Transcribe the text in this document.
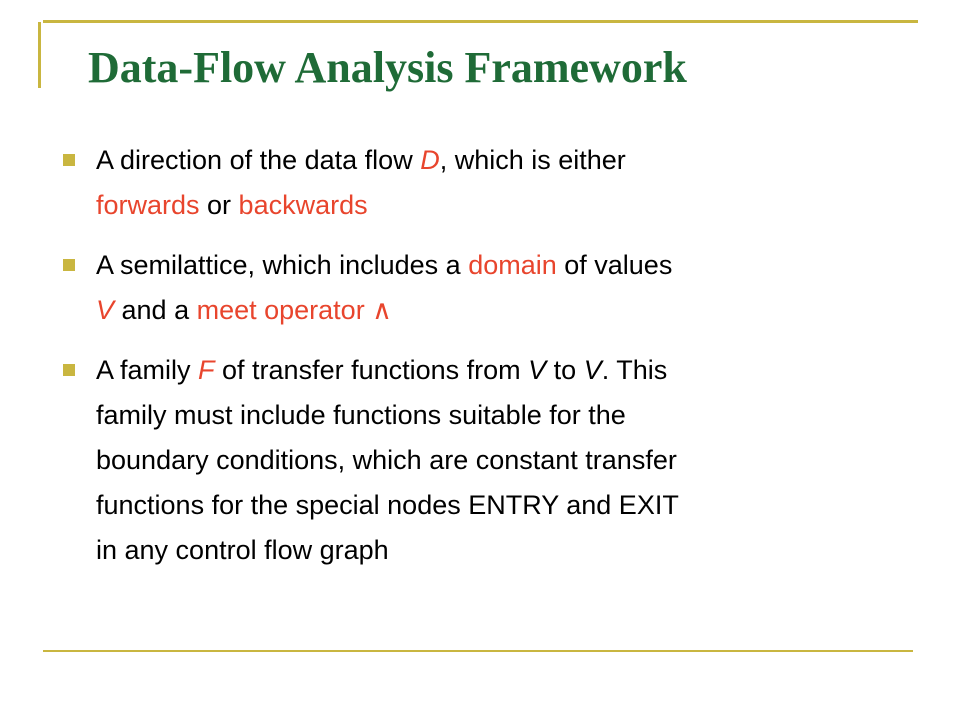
Data-Flow Analysis Framework
A direction of the data flow D, which is either
forwards or backwards
A semilattice, which includes a domain of values
V and a meet operator ∧
A family F of transfer functions from V to V. This
family must include functions suitable for the
boundary conditions, which are constant transfer
functions for the special nodes ENTRY and EXIT
in any control flow graph
